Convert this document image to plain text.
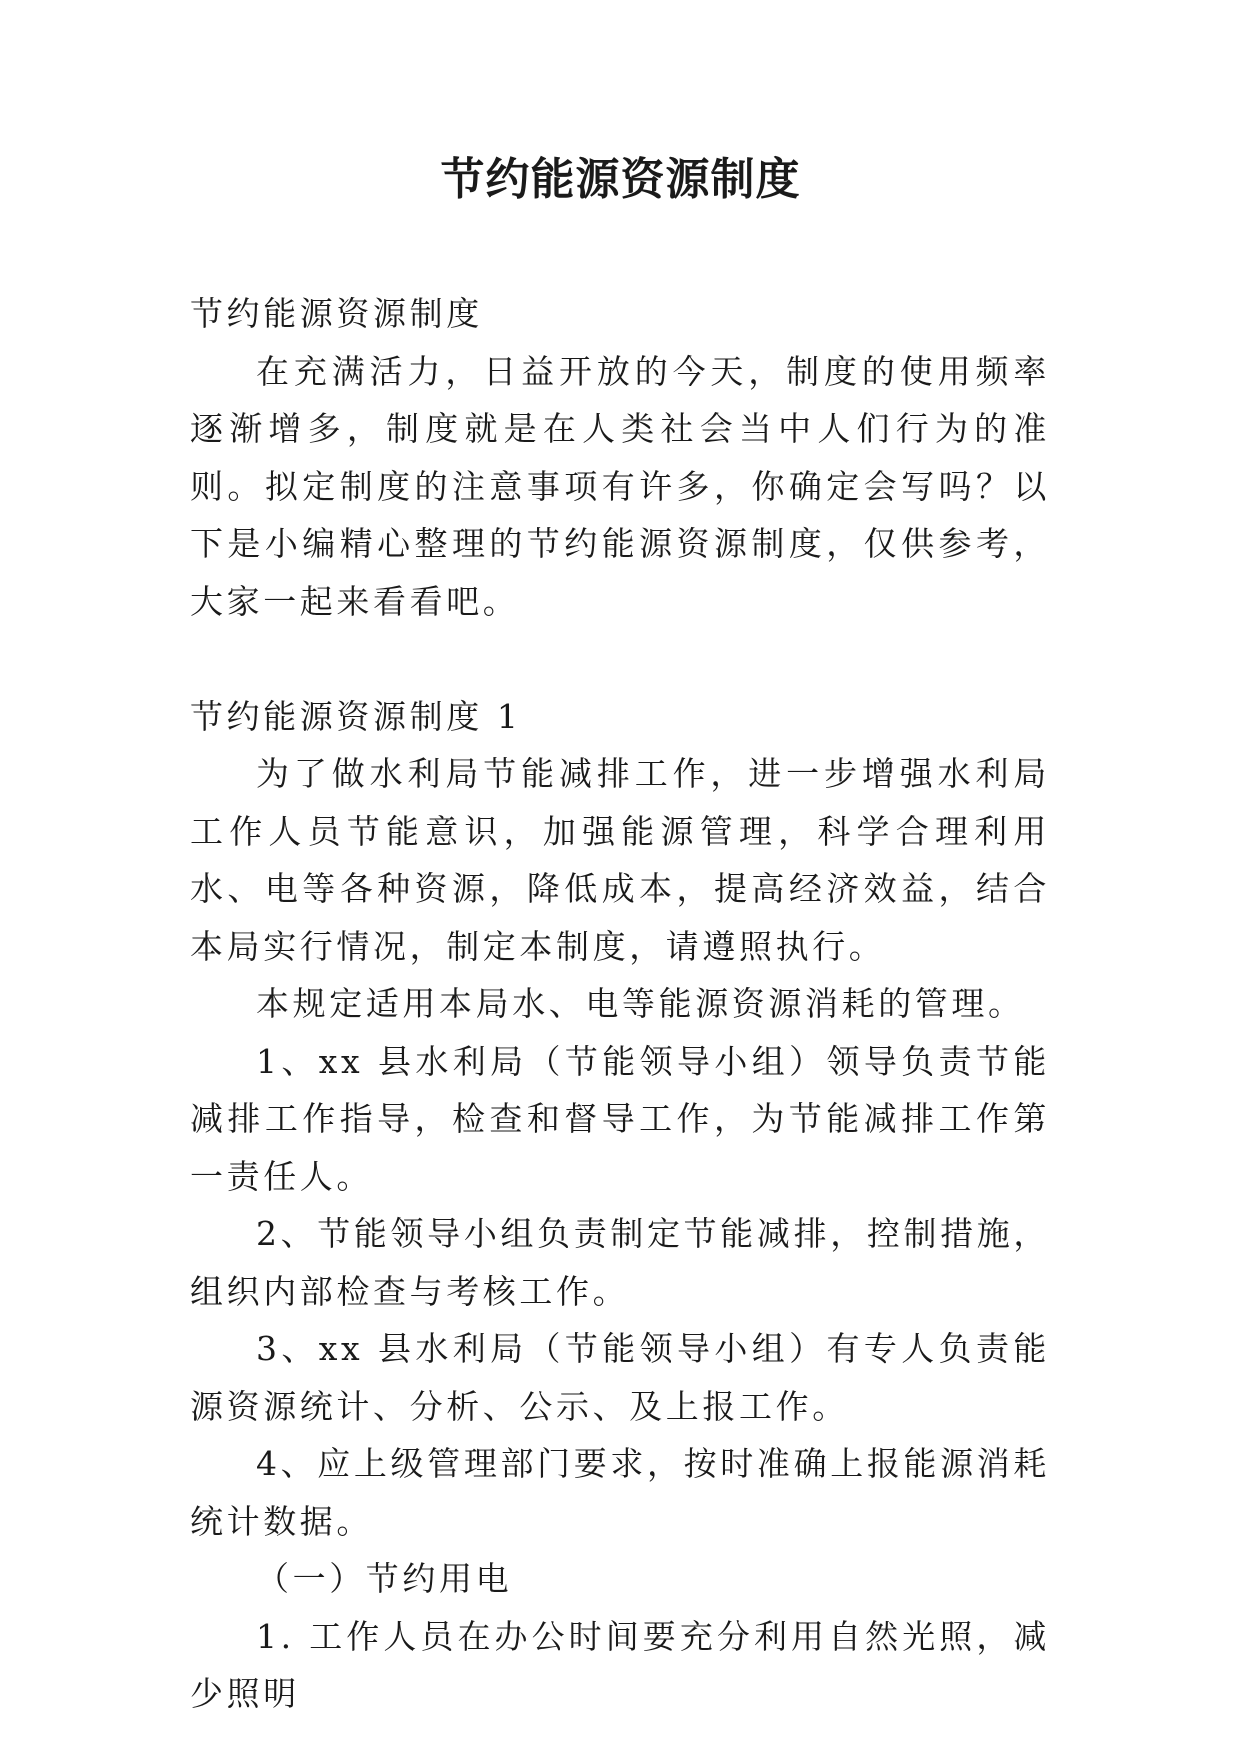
节约能源资源制度

节约能源资源制度

在充满活力，日益开放的今天，制度的使用频率逐渐增多，制度就是在人类社会当中人们行为的准则。拟定制度的注意事项有许多，你确定会写吗？以下是小编精心整理的节约能源资源制度，仅供参考，大家一起来看看吧。

节约能源资源制度 1

为了做水利局节能减排工作，进一步增强水利局工作人员节能意识，加强能源管理，科学合理利用水、电等各种资源，降低成本，提高经济效益，结合本局实行情况，制定本制度，请遵照执行。

本规定适用本局水、电等能源资源消耗的管理。

1、xx 县水利局（节能领导小组）领导负责节能减排工作指导，检查和督导工作，为节能减排工作第一责任人。

2、节能领导小组负责制定节能减排，控制措施，组织内部检查与考核工作。

3、xx 县水利局（节能领导小组）有专人负责能源资源统计、分析、公示、及上报工作。

4、应上级管理部门要求，按时准确上报能源消耗统计数据。

（一）节约用电

1. 工作人员在办公时间要充分利用自然光照，减少照明
